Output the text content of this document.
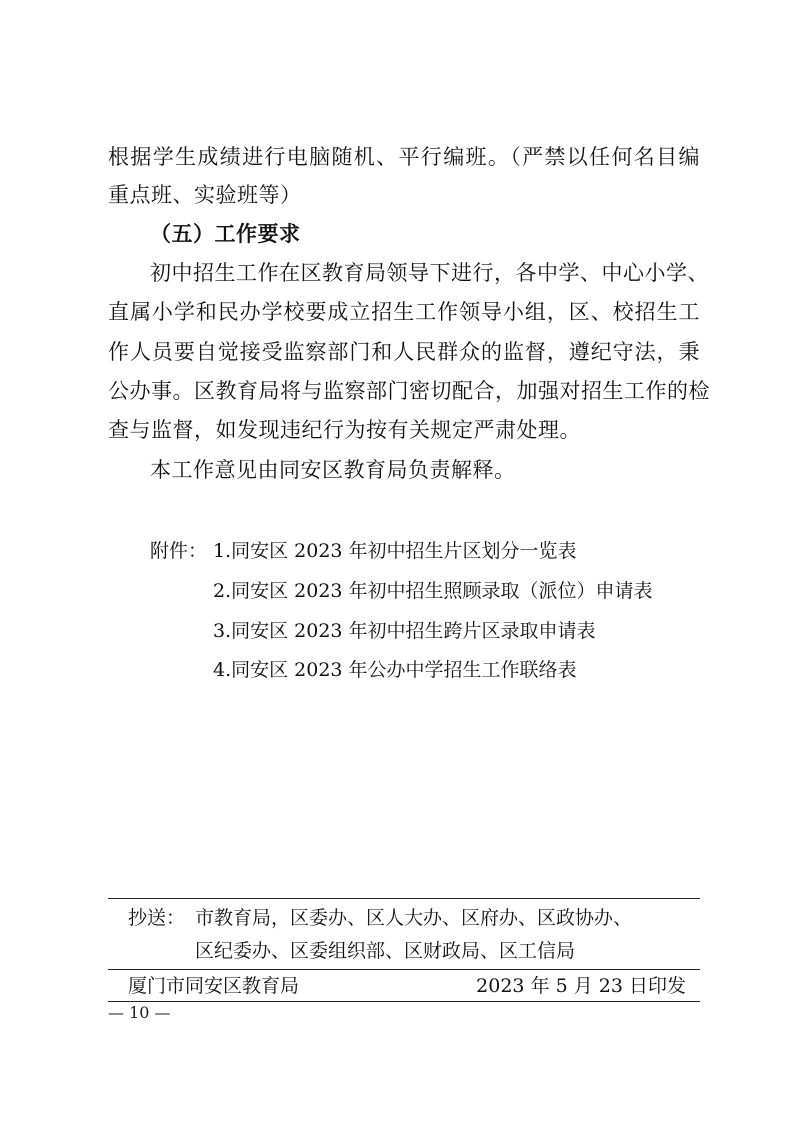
根据学生成绩进行电脑随机、平行编班。（严禁以任何名目编
重点班、实验班等）
（五）工作要求
初中招生工作在区教育局领导下进行，各中学、中心小学、
直属小学和民办学校要成立招生工作领导小组，区、校招生工
作人员要自觉接受监察部门和人民群众的监督，遵纪守法，秉
公办事。区教育局将与监察部门密切配合，加强对招生工作的检
查与监督，如发现违纪行为按有关规定严肃处理。
本工作意见由同安区教育局负责解释。
附件： 1.同安区 2023 年初中招生片区划分一览表
2.同安区 2023 年初中招生照顾录取（派位）申请表
3.同安区 2023 年初中招生跨片区录取申请表
4.同安区 2023 年公办中学招生工作联络表
抄送： 市教育局，区委办、区人大办、区府办、区政协办、
区纪委办、区委组织部、区财政局、区工信局
厦门市同安区教育局	2023 年 5 月 23 日印发
— 10 —
